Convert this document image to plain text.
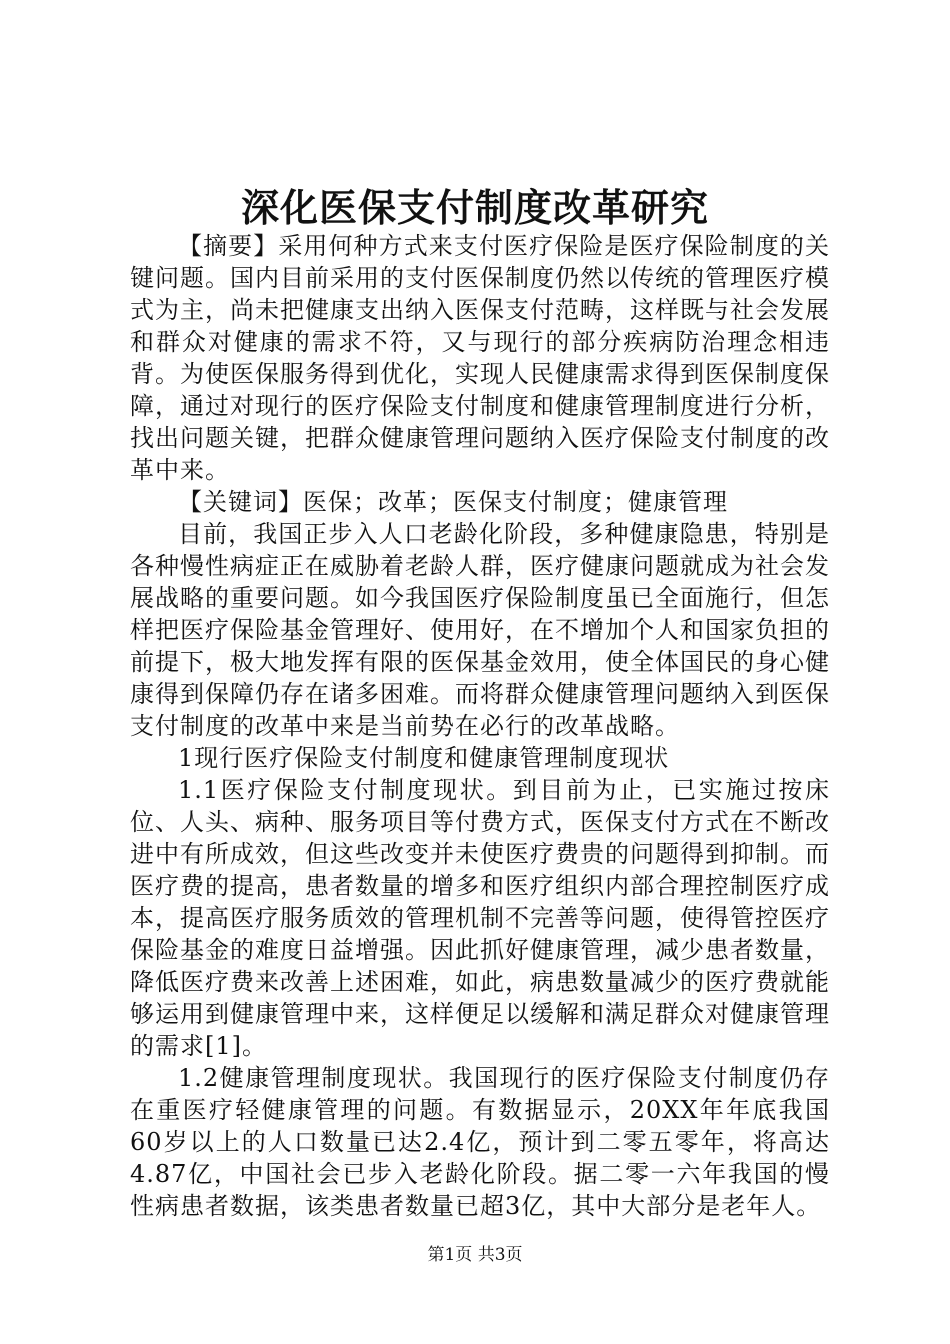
深化医保支付制度改革研究

【摘要】采用何种方式来支付医疗保险是医疗保险制度的关键问题。国内目前采用的支付医保制度仍然以传统的管理医疗模式为主，尚未把健康支出纳入医保支付范畴，这样既与社会发展和群众对健康的需求不符，又与现行的部分疾病防治理念相违背。为使医保服务得到优化，实现人民健康需求得到医保制度保障，通过对现行的医疗保险支付制度和健康管理制度进行分析，找出问题关键，把群众健康管理问题纳入医疗保险支付制度的改革中来。

【关键词】医保；改革；医保支付制度；健康管理

目前，我国正步入人口老龄化阶段，多种健康隐患，特别是各种慢性病症正在威胁着老龄人群，医疗健康问题就成为社会发展战略的重要问题。如今我国医疗保险制度虽已全面施行，但怎样把医疗保险基金管理好、使用好，在不增加个人和国家负担的前提下，极大地发挥有限的医保基金效用，使全体国民的身心健康得到保障仍存在诸多困难。而将群众健康管理问题纳入到医保支付制度的改革中来是当前势在必行的改革战略。

1现行医疗保险支付制度和健康管理制度现状

1.1医疗保险支付制度现状。到目前为止，已实施过按床位、人头、病种、服务项目等付费方式，医保支付方式在不断改进中有所成效，但这些改变并未使医疗费贵的问题得到抑制。而医疗费的提高，患者数量的增多和医疗组织内部合理控制医疗成本，提高医疗服务质效的管理机制不完善等问题，使得管控医疗保险基金的难度日益增强。因此抓好健康管理，减少患者数量，降低医疗费来改善上述困难，如此，病患数量减少的医疗费就能够运用到健康管理中来，这样便足以缓解和满足群众对健康管理的需求[1]。

1.2健康管理制度现状。我国现行的医疗保险支付制度仍存在重医疗轻健康管理的问题。有数据显示，20XX年年底我国60岁以上的人口数量已达2.4亿，预计到二零五零年，将高达4.87亿，中国社会已步入老龄化阶段。据二零一六年我国的慢性病患者数据，该类患者数量已超3亿，其中大部分是老年人。

第1页 共3页
